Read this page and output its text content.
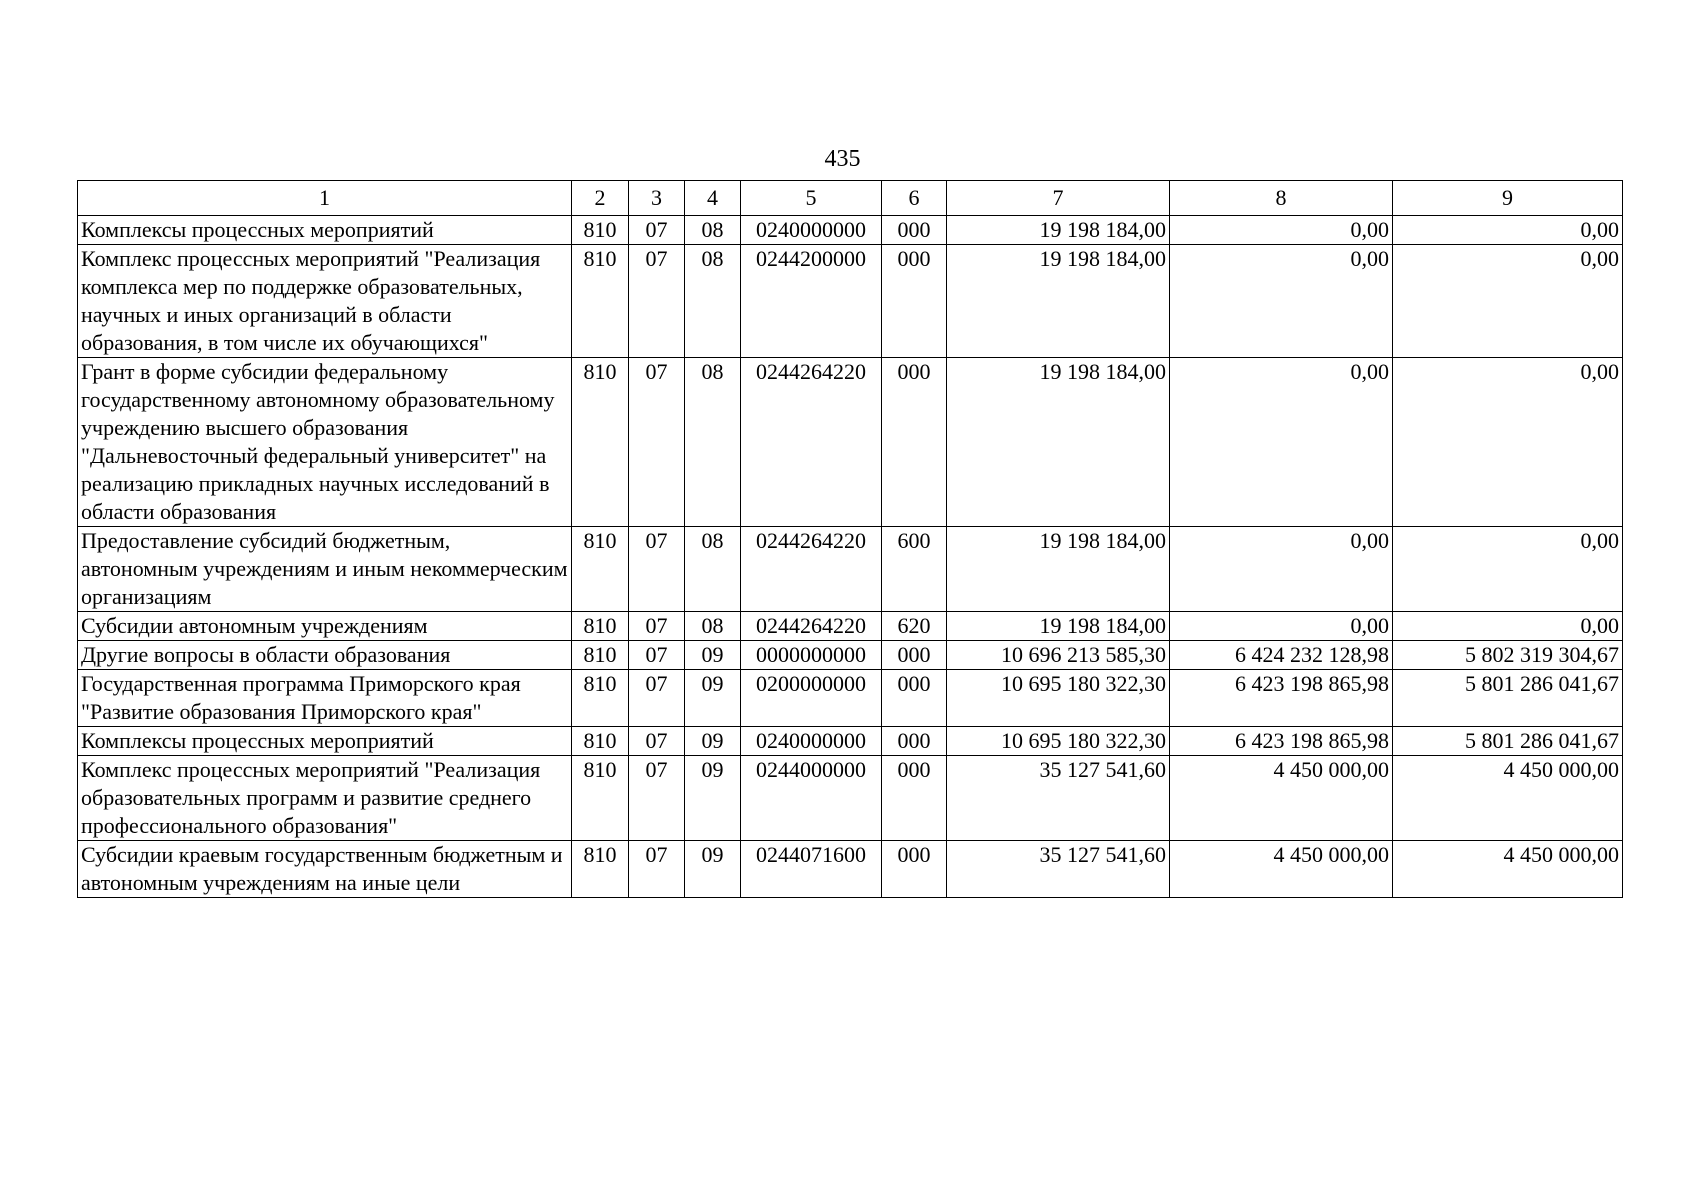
435
1	2	3	4	5	6	7	8	9
Комплексы процессных мероприятий	810	07	08	0240000000	000	19 198 184,00	0,00	0,00
Комплекс процессных мероприятий "Реализация комплекса мер по поддержке образовательных, научных и иных организаций в области образования, в том числе их обучающихся"	810	07	08	0244200000	000	19 198 184,00	0,00	0,00
Грант в форме субсидии федеральному государственному автономному образовательному учреждению высшего образования "Дальневосточный федеральный университет" на реализацию прикладных научных исследований в области образования	810	07	08	0244264220	000	19 198 184,00	0,00	0,00
Предоставление субсидий бюджетным, автономным учреждениям и иным некоммерческим организациям	810	07	08	0244264220	600	19 198 184,00	0,00	0,00
Субсидии автономным учреждениям	810	07	08	0244264220	620	19 198 184,00	0,00	0,00
Другие вопросы в области образования	810	07	09	0000000000	000	10 696 213 585,30	6 424 232 128,98	5 802 319 304,67
Государственная программа Приморского края "Развитие образования Приморского края"	810	07	09	0200000000	000	10 695 180 322,30	6 423 198 865,98	5 801 286 041,67
Комплексы процессных мероприятий	810	07	09	0240000000	000	10 695 180 322,30	6 423 198 865,98	5 801 286 041,67
Комплекс процессных мероприятий "Реализация образовательных программ и развитие среднего профессионального образования"	810	07	09	0244000000	000	35 127 541,60	4 450 000,00	4 450 000,00
Субсидии краевым государственным бюджетным и автономным учреждениям на иные цели	810	07	09	0244071600	000	35 127 541,60	4 450 000,00	4 450 000,00
